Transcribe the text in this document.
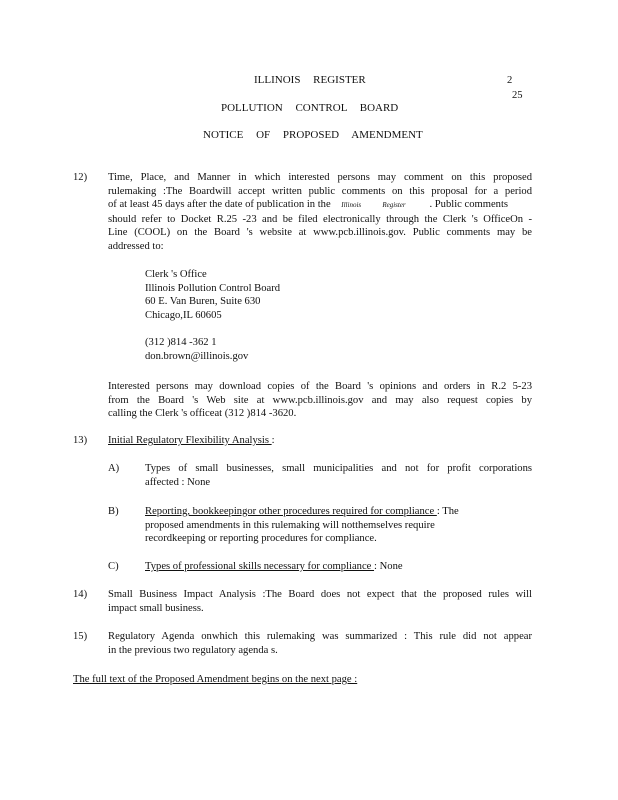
ILLINOIS REGISTER	2
25
POLLUTION CONTROL BOARD
NOTICE OF PROPOSED AMENDMENT
12) Time, Place, and Manner in which interested persons may comment on this proposed
rulemaking :The Boardwill accept written public comments on this proposal for a period
of at least 45 days after the date of publication in the Illinois	Register . Public comments
should refer to Docket R.25 -23 and be filed electronically through the Clerk 's OfficeOn -
Line (COOL) on the Board 's website at www.pcb.illinois.gov. Public comments may be
addressed to:
Clerk 's Office
Illinois Pollution Control Board
60 E. Van Buren, Suite 630
Chicago,IL 60605
(312 )814 -362 1
don.brown@illinois.gov
Interested persons may download copies of the Board 's opinions and orders in R.2 5-23
from the Board 's Web site at www.pcb.illinois.gov and may also request copies by
calling the Clerk 's officeat (312 )814 -3620.
13) Initial Regulatory Flexibility Analysis :
A) Types of small businesses, small municipalities and not for profit corporations
affected : None
B) Reporting, bookkeepingor other procedures required for compliance : The
proposed amendments in this rulemaking will notthemselves require
recordkeeping or reporting procedures for compliance.
C) Types of professional skills necessary for compliance : None
14) Small Business Impact Analysis :The Board does not expect that the proposed rules will
impact small business.
15) Regulatory Agenda onwhich this rulemaking was summarized : This rule did not appear
in the previous two regulatory agenda s.
The full text of the Proposed Amendment begins on the next page :
